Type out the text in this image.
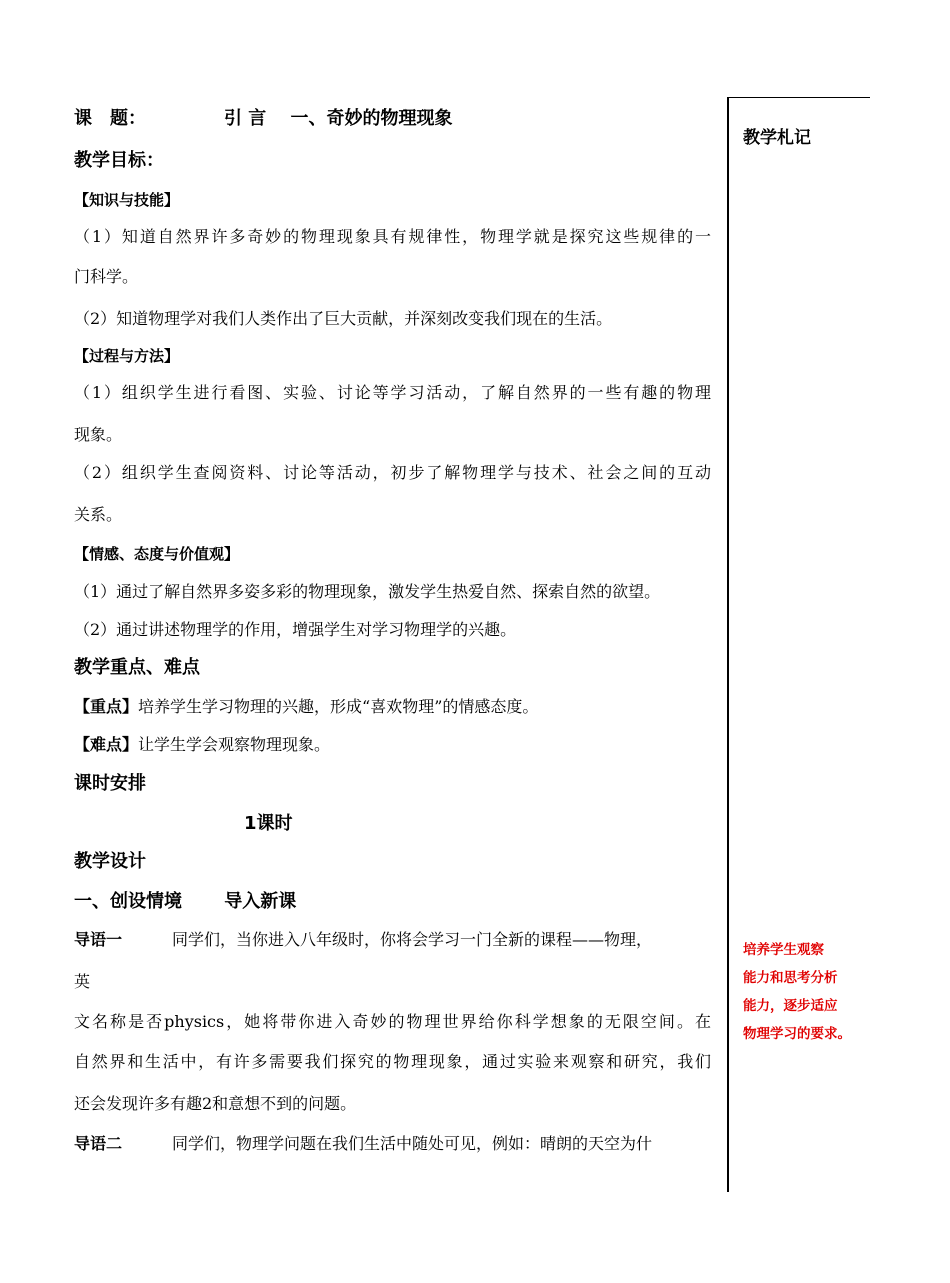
课　题：	引 言　 一、奇妙的物理现象
教学目标：
【知识与技能】
（1）知道自然界许多奇妙的物理现象具有规律性，物理学就是探究这些规律的一
门科学。
（2）知道物理学对我们人类作出了巨大贡献，并深刻改变我们现在的生活。
【过程与方法】
（1）组织学生进行看图、实验、讨论等学习活动，了解自然界的一些有趣的物理
现象。
（2）组织学生查阅资料、讨论等活动，初步了解物理学与技术、社会之间的互动
关系。
【情感、态度与价值观】
（1）通过了解自然界多姿多彩的物理现象，激发学生热爱自然、探索自然的欲望。
（2）通过讲述物理学的作用，增强学生对学习物理学的兴趣。
教学重点、难点
【重点】培养学生学习物理的兴趣，形成“喜欢物理”的情感态度。
【难点】让学生学会观察物理现象。
课时安排
1课时
教学设计
一、创设情境　　 导入新课
导语一	同学们，当你进入八年级时，你将会学习一门全新的课程——物理，
英
文名称是否physics，她将带你进入奇妙的物理世界给你科学想象的无限空间。在
自然界和生活中，有许多需要我们探究的物理现象，通过实验来观察和研究，我们
还会发现许多有趣2和意想不到的问题。
导语二	同学们，物理学问题在我们生活中随处可见，例如：晴朗的天空为什
教学札记
培养学生观察
能力和思考分析
能力，逐步适应
物理学习的要求。
